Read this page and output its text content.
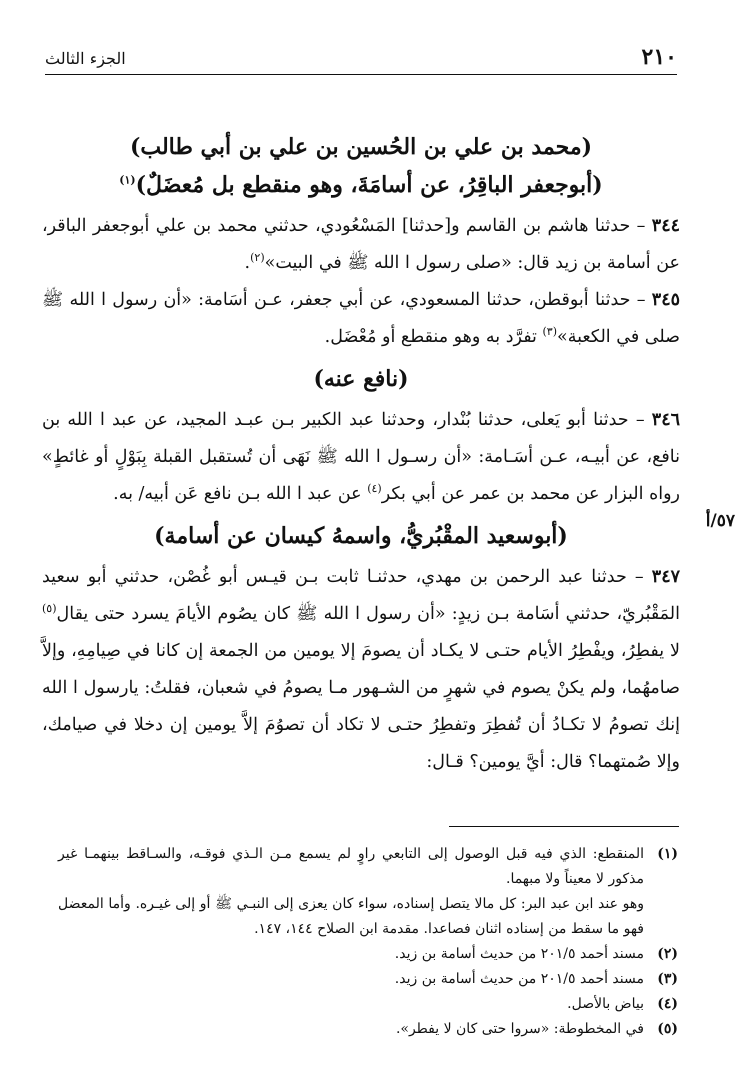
٢١٠
الجزء الثالث
(محمد بن علي بن الحُسين بن علي بن أبي طالب)
(أبوجعفر الباقِرُ، عن أسامَةَ، وهو منقطع بل مُعضَلٌ)$^{(١)}$

٣٤٤ – حدثنا هاشم بن القاسم و[حدثنا] المَسْعُودي، حدثني محمد بن علي أبوجعفر الباقر، عن أسامة بن زيد قال: «صلى رسول ا الله ﷺ في البيت»$^{(٢)}$.

٣٤٥ – حدثنا أبوقطن، حدثنا المسعودي، عن أبي جعفر، عـن أسَامة: «أن رسول ا الله ﷺ صلى في الكعبة»$^{(٣)}$ تفرَّد به وهو منقطع أو مُعْضَل.

(نافع عنه)

٣٤٦ – حدثنا أبو يَعلى، حدثنا بُنْدار، وحدثنا عبد الكبير بـن عبـد المجيد، عن عبد ا الله بن نافع، عن أبيـه، عـن أسَـامة: «أن رسـول ا الله ﷺ نَهَى أن تُستقبل القبلة بِبَوْلٍ أو غائطٍ» رواه البزار عن محمد بن عمر عن أبي بكر$^{(٤)}$ عن عبد ا الله بـن نافع عَن أبيه/ به.

(أبوسعيد المقْبُريُّ، واسمهُ كيسان عن أسامة)

٣٤٧ – حدثنا عبد الرحمن بن مهدي، حدثنـا ثابت بـن قيـس أبو غُصْن، حدثني أبو سعيد المَقْبُريّ، حدثني أسَامة بـن زيدٍ: «أن رسول ا الله ﷺ كان يصُوم الأيامَ يسرد حتى يقال$^{(٥)}$ لا يفطِرُ، ويفْطِرُ الأيام حتـى لا يكـاد أن يصومَ إلا يومين من الجمعة إن كانا في صِيامِهِ، وإلاَّ صامهُما، ولم يكنْ يصوم في شهرٍ من الشـهور مـا يصومُ في شعبان، فقلتُ: يارسول ا الله إنك تصومُ لا تكـادُ أن تُفطِرَ وتفطِرُ حتـى لا تكاد أن تصوُمَ إلاَّ يومين إن دخلا في صيامك، وإلا صُمتهما؟ قال: أيَّ يومين؟ قـال:

٥٧/أ
(١)
المنقطع: الذي فيه قبل الوصول إلى التابعي راوٍ لم يسمع مـن الـذي فوقـه، والسـاقط بينهمـا غير مذكور لا معيناً ولا مبهما.

وهو عند ابن عبد البر: كل مالا يتصل إسناده، سواء كان يعزى إلى النبـي ﷺ أو إلى غيـره. وأما المعضل فهو ما سقط من إسناده اثنان فصاعدا. مقدمة ابن الصلاح ١٤٤، ١٤٧.

(٢)
مسند أحمد ٢٠١/٥ من حديث أسامة بن زيد.
(٣)
مسند أحمد ٢٠١/٥ من حديث أسامة بن زيد.
(٤)
بياض بالأصل.
(٥)
في المخطوطة: «سروا حتى كان لا يفطر».
